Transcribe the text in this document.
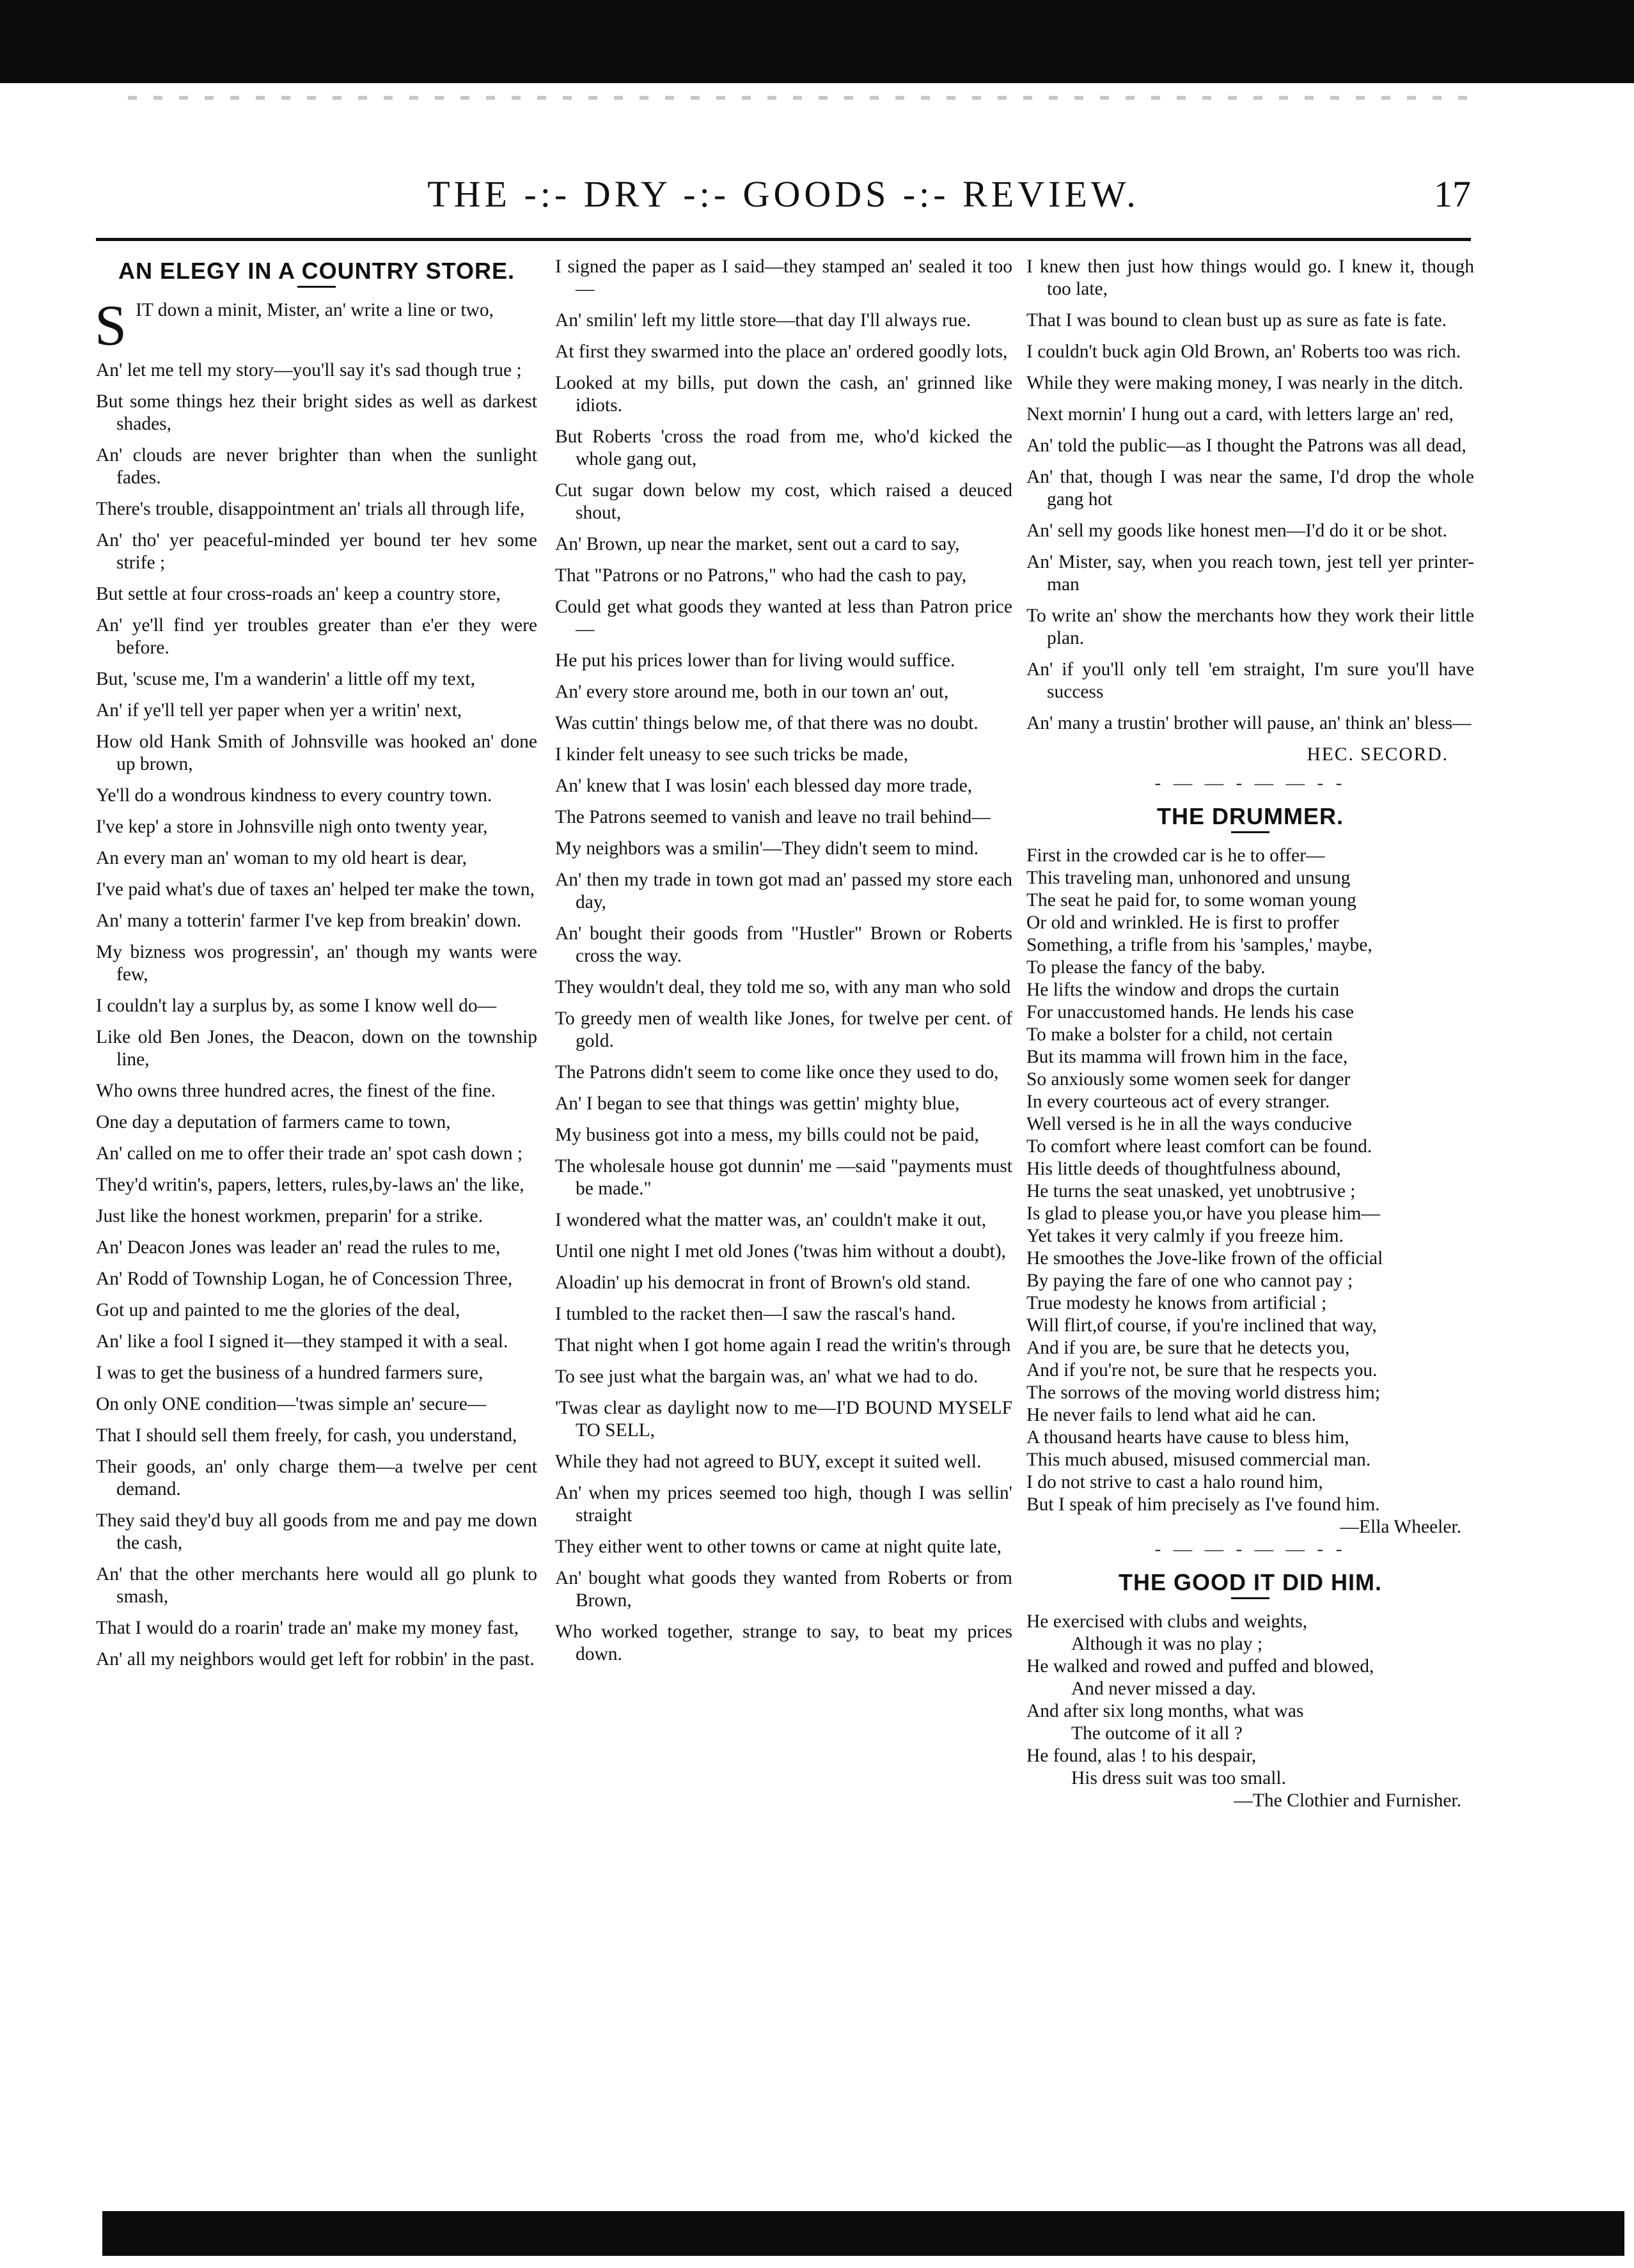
THE -:- DRY -:- GOODS -:- REVIEW.	17
AN ELEGY IN A COUNTRY STORE.
S IT down a minit, Mister, an' write a line or two,
An' let me tell my story—you'll say it's sad though true ;
But some things hez their bright sides as well as darkest shades,
An' clouds are never brighter than when the sunlight fades.
There's trouble, disappointment an' trials all through life,
An' tho' yer peaceful-minded yer bound ter hev some strife ;
But settle at four cross-roads an' keep a country store,
An' ye'll find yer troubles greater than e'er they were before.
But, 'scuse me, I'm a wanderin' a little off my text,
An' if ye'll tell yer paper when yer a writin' next,
How old Hank Smith of Johnsville was hooked an' done up brown,
Ye'll do a wondrous kindness to every country town.
I've kep' a store in Johnsville nigh onto twenty year,
An every man an' woman to my old heart is dear,
I've paid what's due of taxes an' helped ter make the town,
An' many a totterin' farmer I've kep from breakin' down.
My bizness wos progressin', an' though my wants were few,
I couldn't lay a surplus by, as some I know well do—
Like old Ben Jones, the Deacon, down on the township line,
Who owns three hundred acres, the finest of the fine.
One day a deputation of farmers came to town,
An' called on me to offer their trade an' spot cash down ;
They'd writin's, papers, letters, rules,by-laws an' the like,
Just like the honest workmen, preparin' for a strike.
An' Deacon Jones was leader an' read the rules to me,
An' Rodd of Township Logan, he of Concession Three,
Got up and painted to me the glories of the deal,
An' like a fool I signed it—they stamped it with a seal.
I was to get the business of a hundred farmers sure,
On only ONE condition—'twas simple an' secure—
That I should sell them freely, for cash, you understand,
Their goods, an' only charge them—a twelve per cent demand.
They said they'd buy all goods from me and pay me down the cash,
An' that the other merchants here would all go plunk to smash,
That I would do a roarin' trade an' make my money fast,
An' all my neighbors would get left for robbin' in the past.
I signed the paper as I said—they stamped an' sealed it too—
An' smilin' left my little store—that day I'll always rue.
At first they swarmed into the place an' ordered goodly lots,
Looked at my bills, put down the cash, an' grinned like idiots.
But Roberts 'cross the road from me, who'd kicked the whole gang out,
Cut sugar down below my cost, which raised a deuced shout,
An' Brown, up near the market, sent out a card to say,
That "Patrons or no Patrons," who had the cash to pay,
Could get what goods they wanted at less than Patron price—
He put his prices lower than for living would suffice.
An' every store around me, both in our town an' out,
Was cuttin' things below me, of that there was no doubt.
I kinder felt uneasy to see such tricks be made,
An' knew that I was losin' each blessed day more trade,
The Patrons seemed to vanish and leave no trail behind—
My neighbors was a smilin'—They didn't seem to mind.
An' then my trade in town got mad an' passed my store each day,
An' bought their goods from "Hustler" Brown or Roberts cross the way.
They wouldn't deal, they told me so, with any man who sold
To greedy men of wealth like Jones, for twelve per cent. of gold.
The Patrons didn't seem to come like once they used to do,
An' I began to see that things was gettin' mighty blue,
My business got into a mess, my bills could not be paid,
The wholesale house got dunnin' me —said "payments must be made."
I wondered what the matter was, an' couldn't make it out,
Until one night I met old Jones ('twas him without a doubt),
Aloadin' up his democrat in front of Brown's old stand.
I tumbled to the racket then—I saw the rascal's hand.
That night when I got home again I read the writin's through
To see just what the bargain was, an' what we had to do.
'Twas clear as daylight now to me—I'D BOUND MYSELF TO SELL,
While they had not agreed to BUY, except it suited well.
An' when my prices seemed too high, though I was sellin' straight
They either went to other towns or came at night quite late,
An' bought what goods they wanted from Roberts or from Brown,
Who worked together, strange to say, to beat my prices down.
I knew then just how things would go. I knew it, though too late,
That I was bound to clean bust up as sure as fate is fate.
I couldn't buck agin Old Brown, an' Roberts too was rich.
While they were making money, I was nearly in the ditch.
Next mornin' I hung out a card, with letters large an' red,
An' told the public—as I thought the Patrons was all dead,
An' that, though I was near the same, I'd drop the whole gang hot
An' sell my goods like honest men—I'd do it or be shot.
An' Mister, say, when you reach town, jest tell yer printer-man
To write an' show the merchants how they work their little plan.
An' if you'll only tell 'em straight, I'm sure you'll have success
An' many a trustin' brother will pause, an' think an' bless—
HEC. SECORD.
- — — - — — - -
THE DRUMMER.
First in the crowded car is he to offer—
This traveling man, unhonored and unsung
The seat he paid for, to some woman young
Or old and wrinkled. He is first to proffer
Something, a trifle from his 'samples,' maybe,
To please the fancy of the baby.
He lifts the window and drops the curtain
For unaccustomed hands. He lends his case
To make a bolster for a child, not certain
But its mamma will frown him in the face,
So anxiously some women seek for danger
In every courteous act of every stranger.
Well versed is he in all the ways conducive
To comfort where least comfort can be found.
His little deeds of thoughtfulness abound,
He turns the seat unasked, yet unobtrusive ;
Is glad to please you,or have you please him—
Yet takes it very calmly if you freeze him.
He smoothes the Jove-like frown of the official
By paying the fare of one who cannot pay ;
True modesty he knows from artificial ;
Will flirt,of course, if you're inclined that way,
And if you are, be sure that he detects you,
And if you're not, be sure that he respects you.
The sorrows of the moving world distress him;
He never fails to lend what aid he can.
A thousand hearts have cause to bless him,
This much abused, misused commercial man.
I do not strive to cast a halo round him,
But I speak of him precisely as I've found him.
—Ella Wheeler.
- — — - — — - -
THE GOOD IT DID HIM.
He exercised with clubs and weights,
Although it was no play ;
He walked and rowed and puffed and blowed,
And never missed a day.
And after six long months, what was
The outcome of it all ?
He found, alas ! to his despair,
His dress suit was too small.
—The Clothier and Furnisher.
